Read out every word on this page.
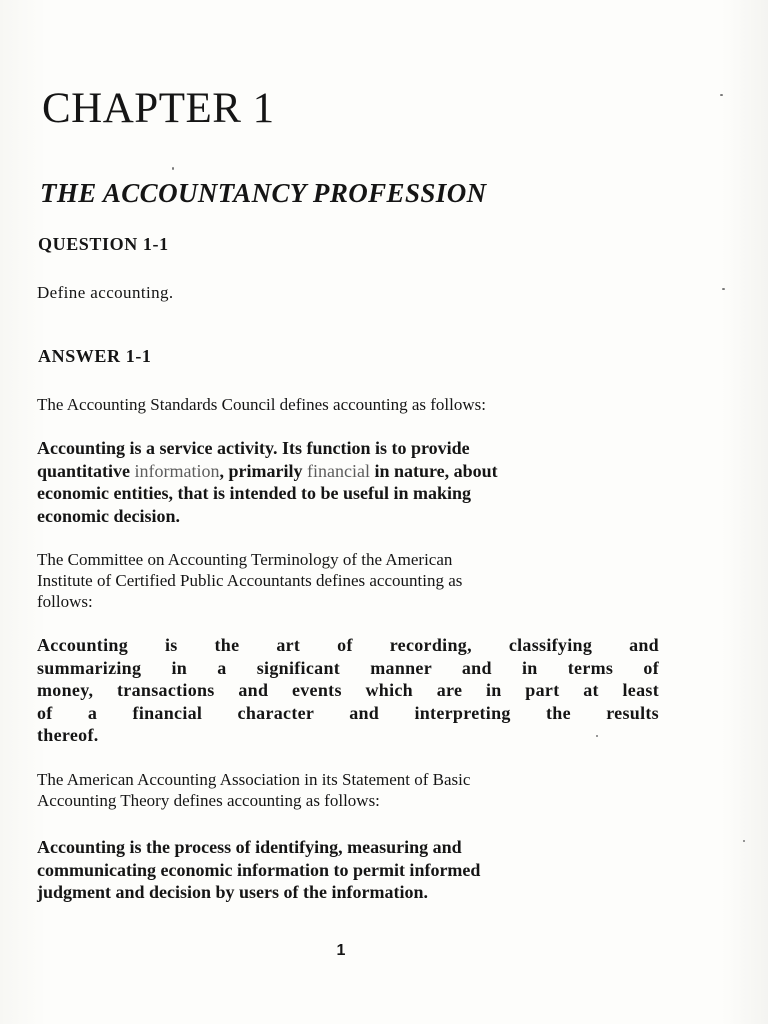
CHAPTER 1
THE ACCOUNTANCY PROFESSION
QUESTION 1-1

Define accounting.

ANSWER 1-1

The Accounting Standards Council defines accounting as follows:

Accounting is a service activity. Its function is to provide
quantitative information, primarily financial in nature, about
economic entities, that is intended to be useful in making
economic decision.

The Committee on Accounting Terminology of the American
Institute of Certified Public Accountants defines accounting as
follows:

Accounting is the art of recording, classifying and
summarizing in a significant manner and in terms of
money, transactions and events which are in part at least
of a financial character and interpreting the results
thereof.

The American Accounting Association in its Statement of Basic
Accounting Theory defines accounting as follows:

Accounting is the process of identifying, measuring and
communicating economic information to permit informed
judgment and decision by users of the information.

1
